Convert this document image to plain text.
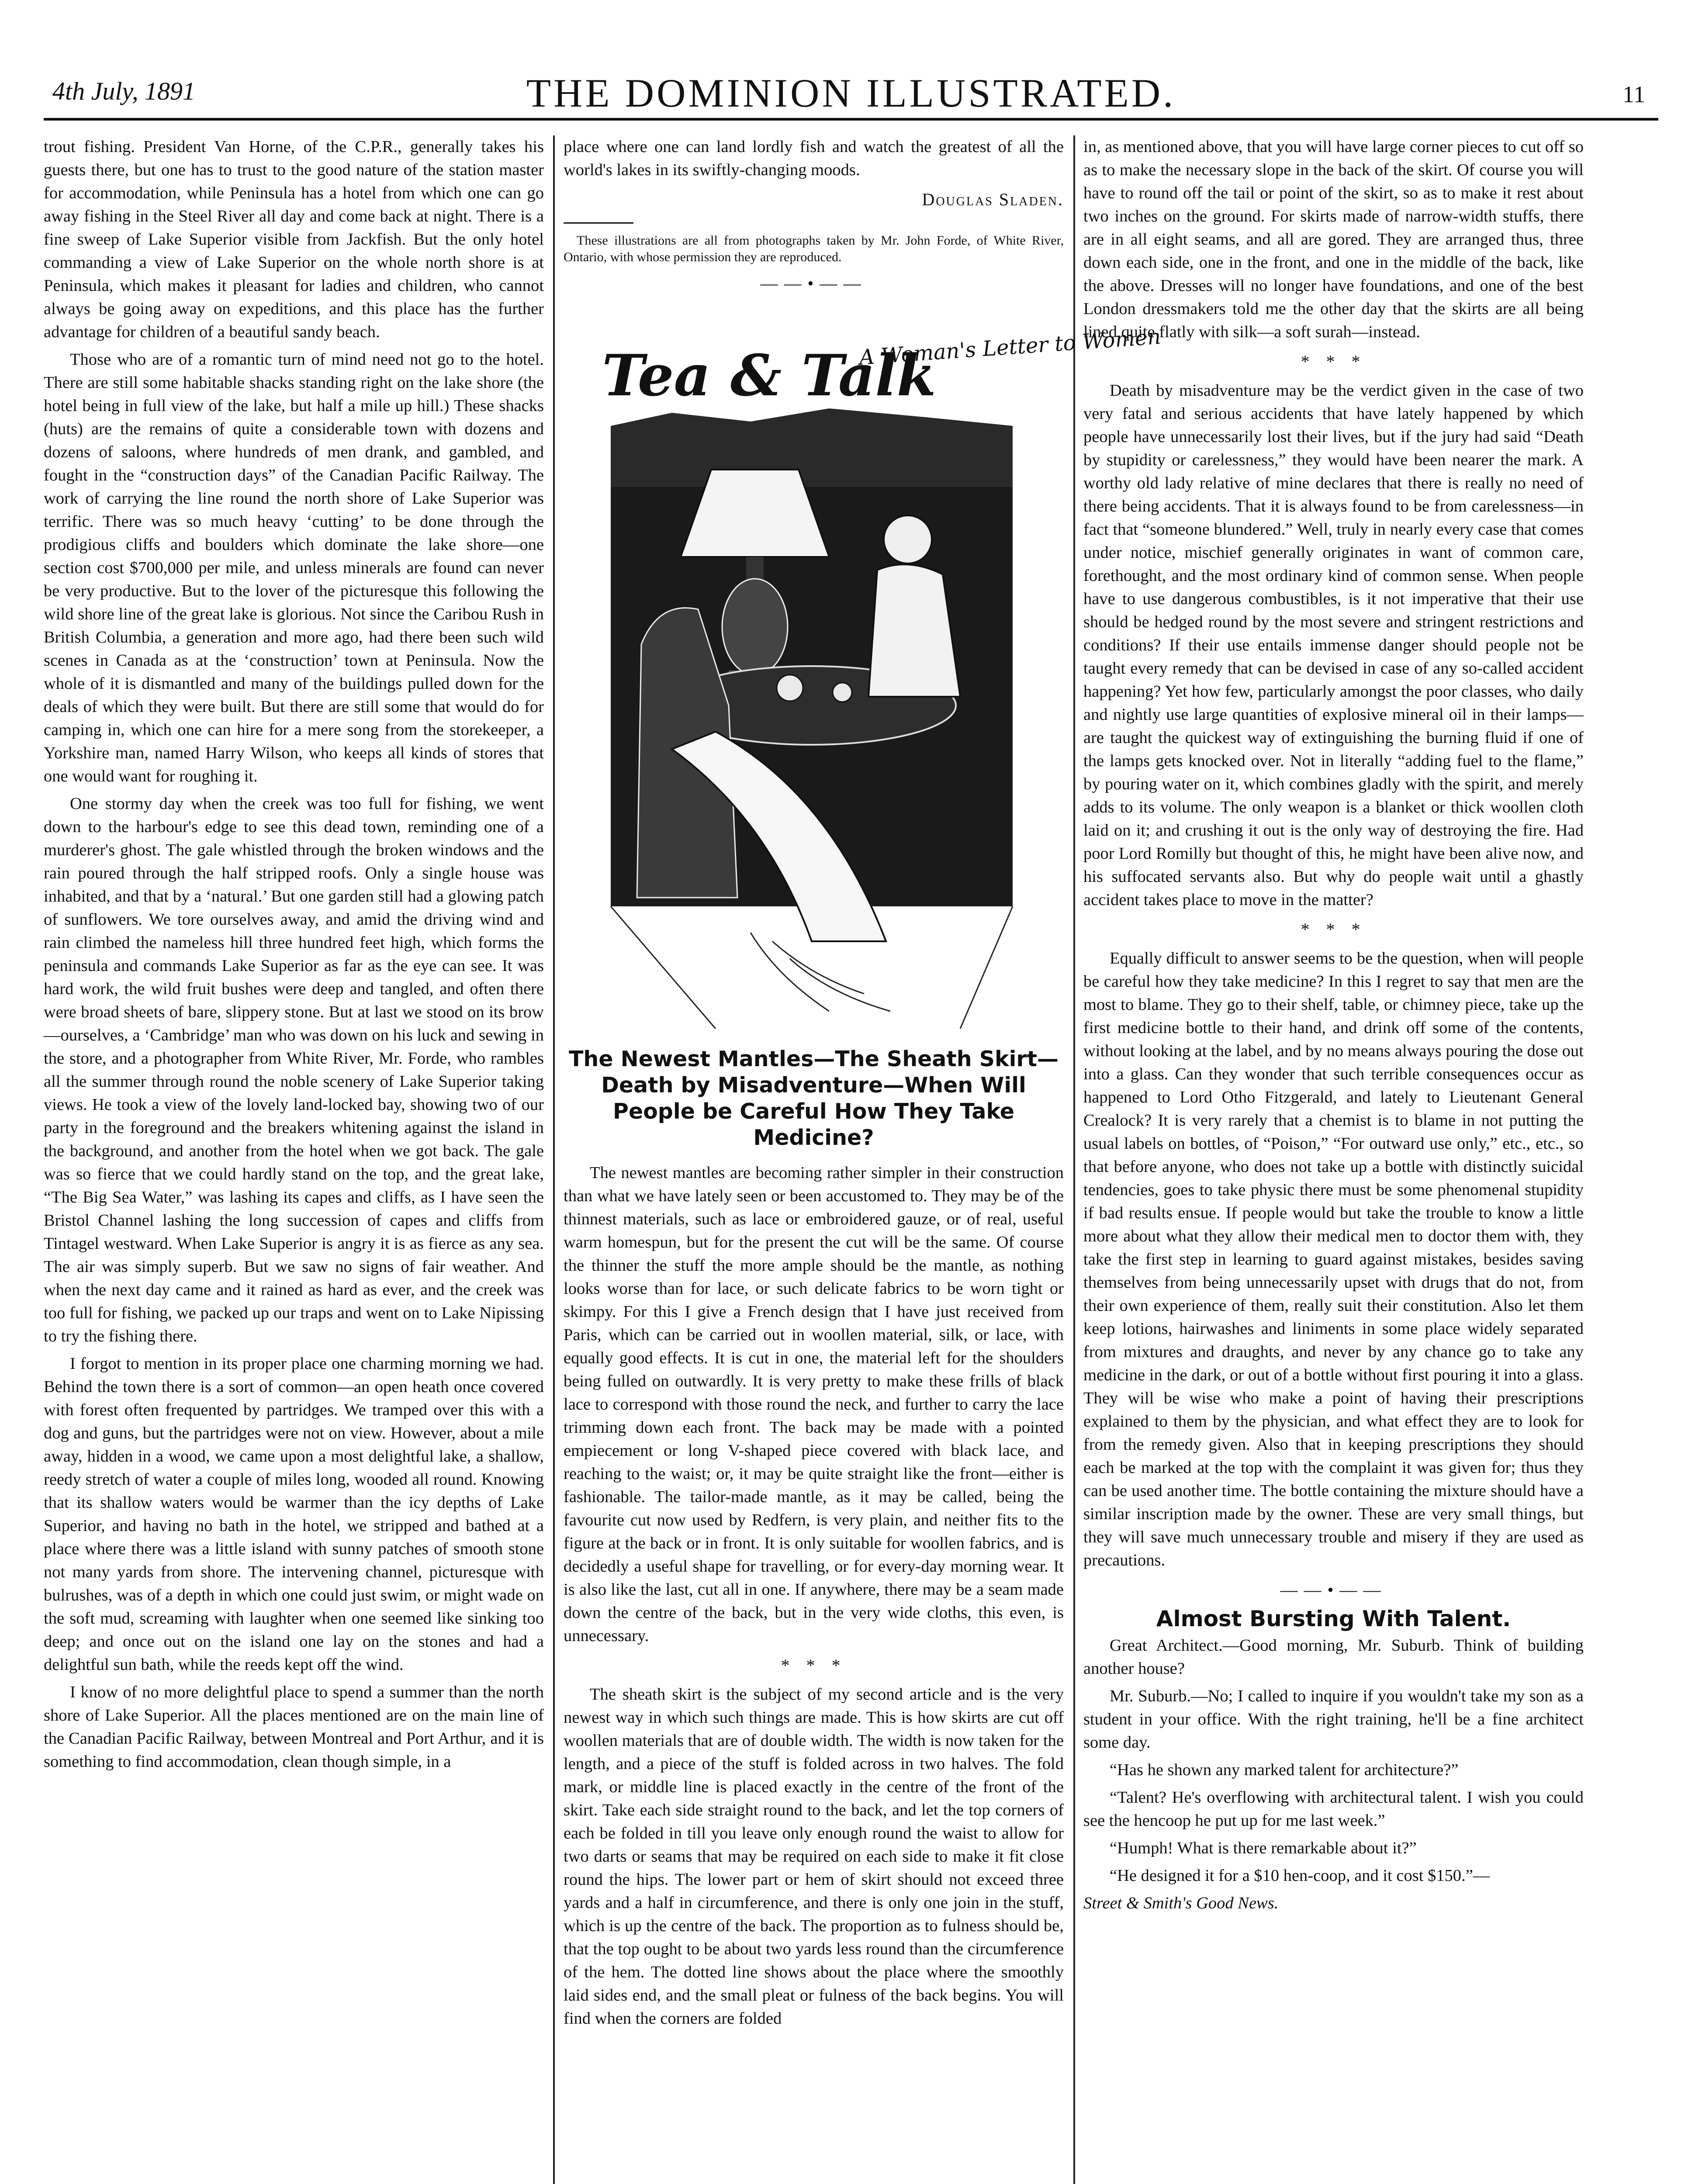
4th July, 1891	THE DOMINION ILLUSTRATED.	11

trout fishing. President Van Horne, of the C.P.R., generally takes his guests there, but one has to trust to the good nature of the station master for accommodation, while Peninsula has a hotel from which one can go away fishing in the Steel River all day and come back at night. There is a fine sweep of Lake Superior visible from Jackfish. But the only hotel commanding a view of Lake Superior on the whole north shore is at Peninsula, which makes it pleasant for ladies and children, who cannot always be going away on expeditions, and this place has the further advantage for children of a beautiful sandy beach.

Those who are of a romantic turn of mind need not go to the hotel. There are still some habitable shacks standing right on the lake shore (the hotel being in full view of the lake, but half a mile up hill.) These shacks (huts) are the remains of quite a considerable town with dozens and dozens of saloons, where hundreds of men drank, and gambled, and fought in the “construction days” of the Canadian Pacific Railway. The work of carrying the line round the north shore of Lake Superior was terrific. There was so much heavy ‘cutting’ to be done through the prodigious cliffs and boulders which dominate the lake shore—one section cost $700,000 per mile, and unless minerals are found can never be very productive. But to the lover of the picturesque this following the wild shore line of the great lake is glorious. Not since the Caribou Rush in British Columbia, a generation and more ago, had there been such wild scenes in Canada as at the ‘construction’ town at Peninsula. Now the whole of it is dismantled and many of the buildings pulled down for the deals of which they were built. But there are still some that would do for camping in, which one can hire for a mere song from the storekeeper, a Yorkshire man, named Harry Wilson, who keeps all kinds of stores that one would want for roughing it.

One stormy day when the creek was too full for fishing, we went down to the harbour's edge to see this dead town, reminding one of a murderer's ghost. The gale whistled through the broken windows and the rain poured through the half stripped roofs. Only a single house was inhabited, and that by a ‘natural.’ But one garden still had a glowing patch of sunflowers. We tore ourselves away, and amid the driving wind and rain climbed the nameless hill three hundred feet high, which forms the peninsula and commands Lake Superior as far as the eye can see. It was hard work, the wild fruit bushes were deep and tangled, and often there were broad sheets of bare, slippery stone. But at last we stood on its brow—ourselves, a ‘Cambridge’ man who was down on his luck and sewing in the store, and a photographer from White River, Mr. Forde, who rambles all the summer through round the noble scenery of Lake Superior taking views. He took a view of the lovely land-locked bay, showing two of our party in the foreground and the breakers whitening against the island in the background, and another from the hotel when we got back. The gale was so fierce that we could hardly stand on the top, and the great lake, “The Big Sea Water,” was lashing its capes and cliffs, as I have seen the Bristol Channel lashing the long succession of capes and cliffs from Tintagel westward. When Lake Superior is angry it is as fierce as any sea. The air was simply superb. But we saw no signs of fair weather. And when the next day came and it rained as hard as ever, and the creek was too full for fishing, we packed up our traps and went on to Lake Nipissing to try the fishing there.

I forgot to mention in its proper place one charming morning we had. Behind the town there is a sort of common—an open heath once covered with forest often frequented by partridges. We tramped over this with a dog and guns, but the partridges were not on view. However, about a mile away, hidden in a wood, we came upon a most delightful lake, a shallow, reedy stretch of water a couple of miles long, wooded all round. Knowing that its shallow waters would be warmer than the icy depths of Lake Superior, and having no bath in the hotel, we stripped and bathed at a place where there was a little island with sunny patches of smooth stone not many yards from shore. The intervening channel, picturesque with bulrushes, was of a depth in which one could just swim, or might wade on the soft mud, screaming with laughter when one seemed like sinking too deep; and once out on the island one lay on the stones and had a delightful sun bath, while the reeds kept off the wind.

I know of no more delightful place to spend a summer than the north shore of Lake Superior. All the places mentioned are on the main line of the Canadian Pacific Railway, between Montreal and Port Arthur, and it is something to find accommodation, clean though simple, in a

place where one can land lordly fish and watch the greatest of all the world's lakes in its swiftly-changing moods.

Douglas Sladen.
These illustrations are all from photographs taken by Mr. John Forde, of White River, Ontario, with whose permission they are reproduced.
——•——
Tea & Talk
A Woman's Letter to Women
The Newest Mantles—The Sheath Skirt—Death by Misadventure—When Will People be Careful How They Take Medicine?

The newest mantles are becoming rather simpler in their construction than what we have lately seen or been accustomed to. They may be of the thinnest materials, such as lace or embroidered gauze, or of real, useful warm homespun, but for the present the cut will be the same. Of course the thinner the stuff the more ample should be the mantle, as nothing looks worse than for lace, or such delicate fabrics to be worn tight or skimpy. For this I give a French design that I have just received from Paris, which can be carried out in woollen material, silk, or lace, with equally good effects. It is cut in one, the material left for the shoulders being fulled on outwardly. It is very pretty to make these frills of black lace to correspond with those round the neck, and further to carry the lace trimming down each front. The back may be made with a pointed empiecement or long V-shaped piece covered with black lace, and reaching to the waist; or, it may be quite straight like the front—either is fashionable. The tailor-made mantle, as it may be called, being the favourite cut now used by Redfern, is very plain, and neither fits to the figure at the back or in front. It is only suitable for woollen fabrics, and is decidedly a useful shape for travelling, or for every-day morning wear. It is also like the last, cut all in one. If anywhere, there may be a seam made down the centre of the back, but in the very wide cloths, this even, is unnecessary.

* * *

The sheath skirt is the subject of my second article and is the very newest way in which such things are made. This is how skirts are cut off woollen materials that are of double width. The width is now taken for the length, and a piece of the stuff is folded across in two halves. The fold mark, or middle line is placed exactly in the centre of the front of the skirt. Take each side straight round to the back, and let the top corners of each be folded in till you leave only enough round the waist to allow for two darts or seams that may be required on each side to make it fit close round the hips. The lower part or hem of skirt should not exceed three yards and a half in circumference, and there is only one join in the stuff, which is up the centre of the back. The proportion as to fulness should be, that the top ought to be about two yards less round than the circumference of the hem. The dotted line shows about the place where the smoothly laid sides end, and the small pleat or fulness of the back begins. You will find when the corners are folded

in, as mentioned above, that you will have large corner pieces to cut off so as to make the necessary slope in the back of the skirt. Of course you will have to round off the tail or point of the skirt, so as to make it rest about two inches on the ground. For skirts made of narrow-width stuffs, there are in all eight seams, and all are gored. They are arranged thus, three down each side, one in the front, and one in the middle of the back, like the above. Dresses will no longer have foundations, and one of the best London dressmakers told me the other day that the skirts are all being lined quite flatly with silk—a soft surah—instead.

* * *

Death by misadventure may be the verdict given in the case of two very fatal and serious accidents that have lately happened by which people have unnecessarily lost their lives, but if the jury had said “Death by stupidity or carelessness,” they would have been nearer the mark. A worthy old lady relative of mine declares that there is really no need of there being accidents. That it is always found to be from carelessness—in fact that “someone blundered.” Well, truly in nearly every case that comes under notice, mischief generally originates in want of common care, forethought, and the most ordinary kind of common sense. When people have to use dangerous combustibles, is it not imperative that their use should be hedged round by the most severe and stringent restrictions and conditions? If their use entails immense danger should people not be taught every remedy that can be devised in case of any so-called accident happening? Yet how few, particularly amongst the poor classes, who daily and nightly use large quantities of explosive mineral oil in their lamps—are taught the quickest way of extinguishing the burning fluid if one of the lamps gets knocked over. Not in literally “adding fuel to the flame,” by pouring water on it, which combines gladly with the spirit, and merely adds to its volume. The only weapon is a blanket or thick woollen cloth laid on it; and crushing it out is the only way of destroying the fire. Had poor Lord Romilly but thought of this, he might have been alive now, and his suffocated servants also. But why do people wait until a ghastly accident takes place to move in the matter?

* * *

Equally difficult to answer seems to be the question, when will people be careful how they take medicine? In this I regret to say that men are the most to blame. They go to their shelf, table, or chimney piece, take up the first medicine bottle to their hand, and drink off some of the contents, without looking at the label, and by no means always pouring the dose out into a glass. Can they wonder that such terrible consequences occur as happened to Lord Otho Fitzgerald, and lately to Lieutenant General Crealock? It is very rarely that a chemist is to blame in not putting the usual labels on bottles, of “Poison,” “For outward use only,” etc., etc., so that before anyone, who does not take up a bottle with distinctly suicidal tendencies, goes to take physic there must be some phenomenal stupidity if bad results ensue. If people would but take the trouble to know a little more about what they allow their medical men to doctor them with, they take the first step in learning to guard against mistakes, besides saving themselves from being unnecessarily upset with drugs that do not, from their own experience of them, really suit their constitution. Also let them keep lotions, hairwashes and liniments in some place widely separated from mixtures and draughts, and never by any chance go to take any medicine in the dark, or out of a bottle without first pouring it into a glass. They will be wise who make a point of having their prescriptions explained to them by the physician, and what effect they are to look for from the remedy given. Also that in keeping prescriptions they should each be marked at the top with the complaint it was given for; thus they can be used another time. The bottle containing the mixture should have a similar inscription made by the owner. These are very small things, but they will save much unnecessary trouble and misery if they are used as precautions.

——•——
Almost Bursting With Talent.

Great Architect.—Good morning, Mr. Suburb. Think of building another house?

Mr. Suburb.—No; I called to inquire if you wouldn't take my son as a student in your office. With the right training, he'll be a fine architect some day.

“Has he shown any marked talent for architecture?”

“Talent? He's overflowing with architectural talent. I wish you could see the hencoop he put up for me last week.”

“Humph! What is there remarkable about it?”

“He designed it for a $10 hen-coop, and it cost $150.”—

Street & Smith's Good News.
